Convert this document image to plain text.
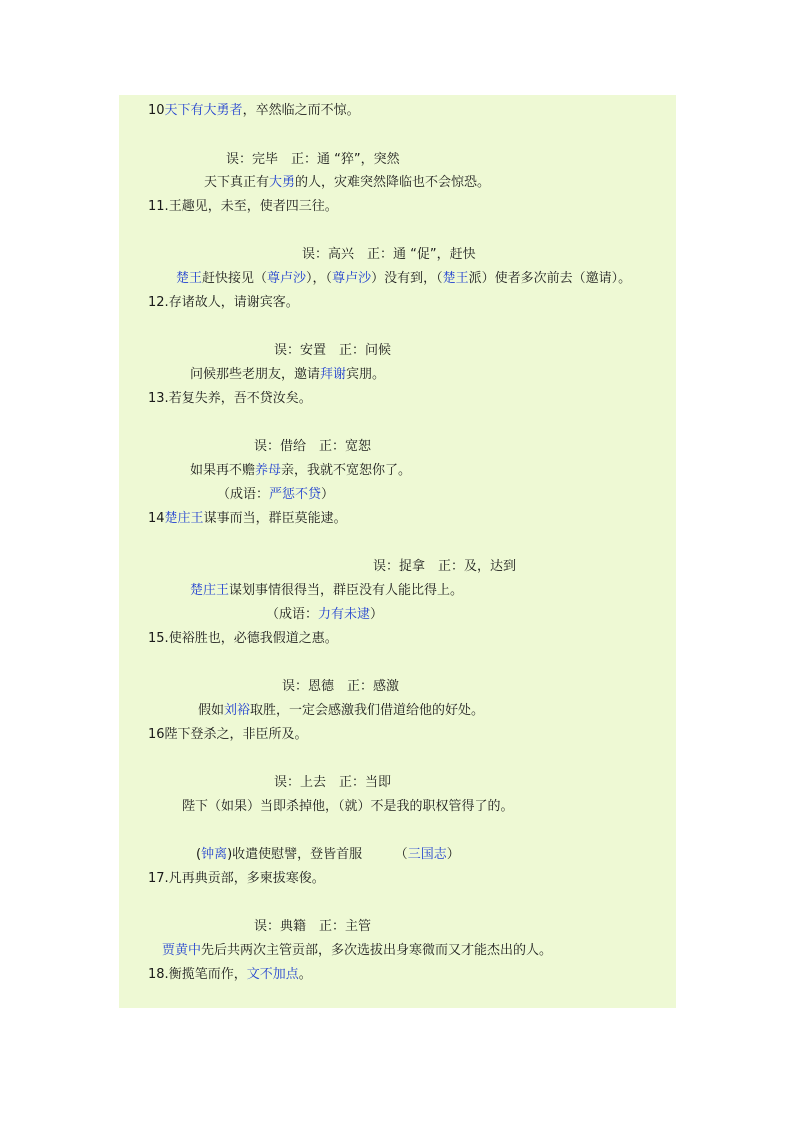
10天下有大勇者，卒然临之而不惊。
误：完毕　正：通 “猝”，突然
天下真正有大勇的人，灾难突然降临也不会惊恐。
11.王趣见，未至，使者四三往。
误：高兴　正：通 “促”，赶快
楚王赶快接见（尊卢沙），（尊卢沙）没有到，（楚王派）使者多次前去（邀请）。
12.存诸故人，请谢宾客。
误：安置　正：问候
问候那些老朋友，邀请拜谢宾朋。
13.若复失养，吾不贷汝矣。
误：借给　正：宽恕
如果再不赡养母亲，我就不宽恕你了。
（成语：严惩不贷）
14楚庄王谋事而当，群臣莫能逮。
误：捉拿　正：及，达到
楚庄王谋划事情很得当，群臣没有人能比得上。
（成语：力有未逮）
15.使裕胜也，必德我假道之惠。
误：恩德　正：感激
假如刘裕取胜，一定会感激我们借道给他的好处。
16陛下登杀之，非臣所及。
误：上去　正：当即
陛下（如果）当即杀掉他，（就）不是我的职权管得了的。
(钟离)收遣使慰譬，登皆首服　　　（三国志）
17.凡再典贡部，多柬拔寒俊。
误：典籍　正：主管
贾黄中先后共两次主管贡部，多次选拔出身寒微而又才能杰出的人。
18.衡揽笔而作，文不加点。
